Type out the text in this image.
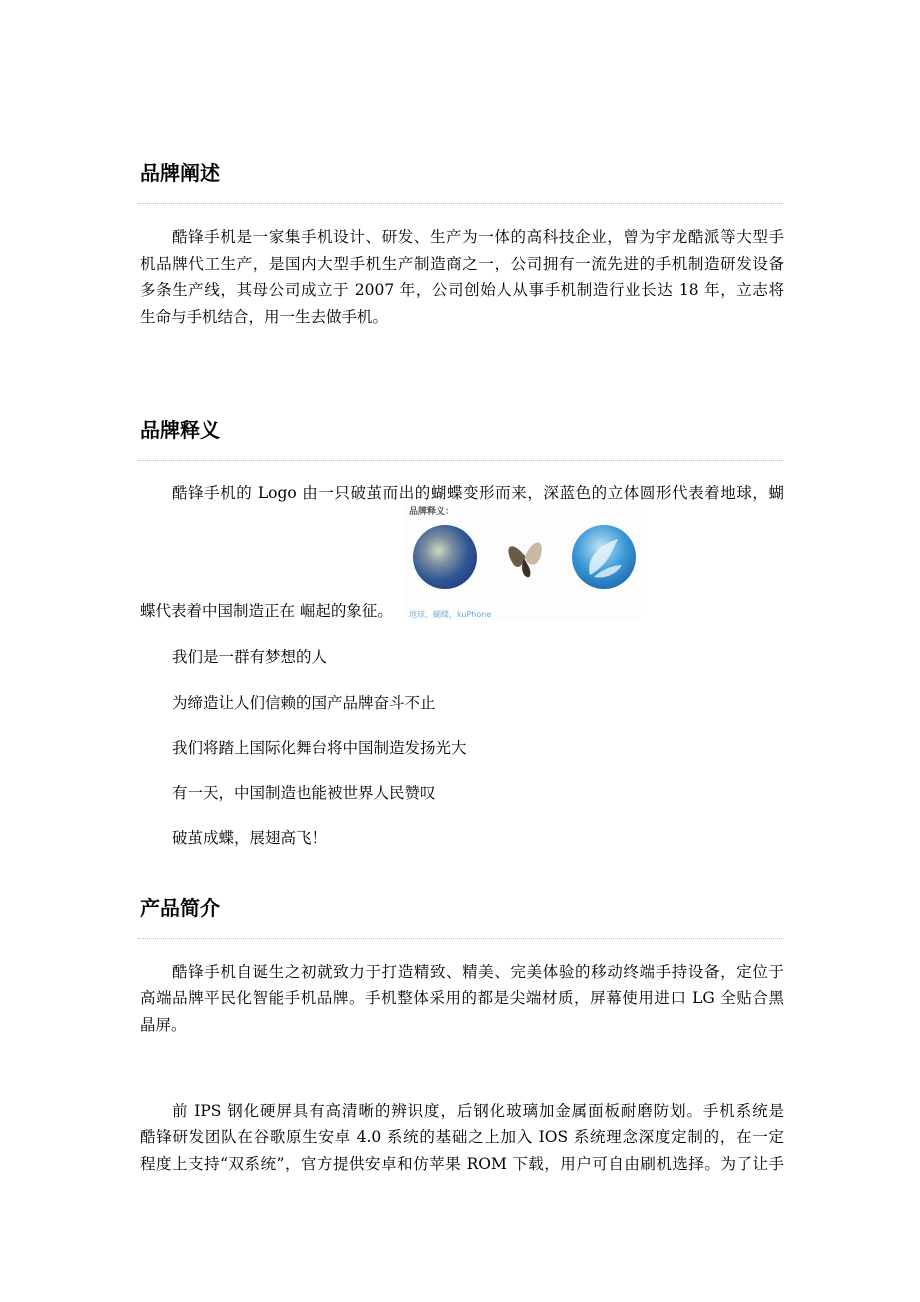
品牌阐述
酷锋手机是一家集手机设计、研发、生产为一体的高科技企业，曾为宇龙酷派等大型手
机品牌代工生产，是国内大型手机生产制造商之一，公司拥有一流先进的手机制造研发设备
多条生产线，其母公司成立于 2007 年，公司创始人从事手机制造行业长达 18 年，立志将
生命与手机结合，用一生去做手机。
品牌释义
酷锋手机的 Logo 由一只破茧而出的蝴蝶变形而来，深蓝色的立体圆形代表着地球，蝴
品牌释义：
地球，蝴蝶，kuPhone
蝶代表着中国制造正在 崛起的象征。
我们是一群有梦想的人
为缔造让人们信赖的国产品牌奋斗不止
我们将踏上国际化舞台将中国制造发扬光大
有一天，中国制造也能被世界人民赞叹
破茧成蝶，展翅高飞！
产品简介
酷锋手机自诞生之初就致力于打造精致、精美、完美体验的移动终端手持设备，定位于
高端品牌平民化智能手机品牌。手机整体采用的都是尖端材质，屏幕使用进口 LG 全贴合黑
晶屏。
前 IPS 钢化硬屏具有高清晰的辨识度，后钢化玻璃加金属面板耐磨防划。手机系统是
酷锋研发团队在谷歌原生安卓 4.0 系统的基础之上加入 IOS 系统理念深度定制的，在一定
程度上支持“双系统”，官方提供安卓和仿苹果 ROM 下载，用户可自由刷机选择。为了让手
